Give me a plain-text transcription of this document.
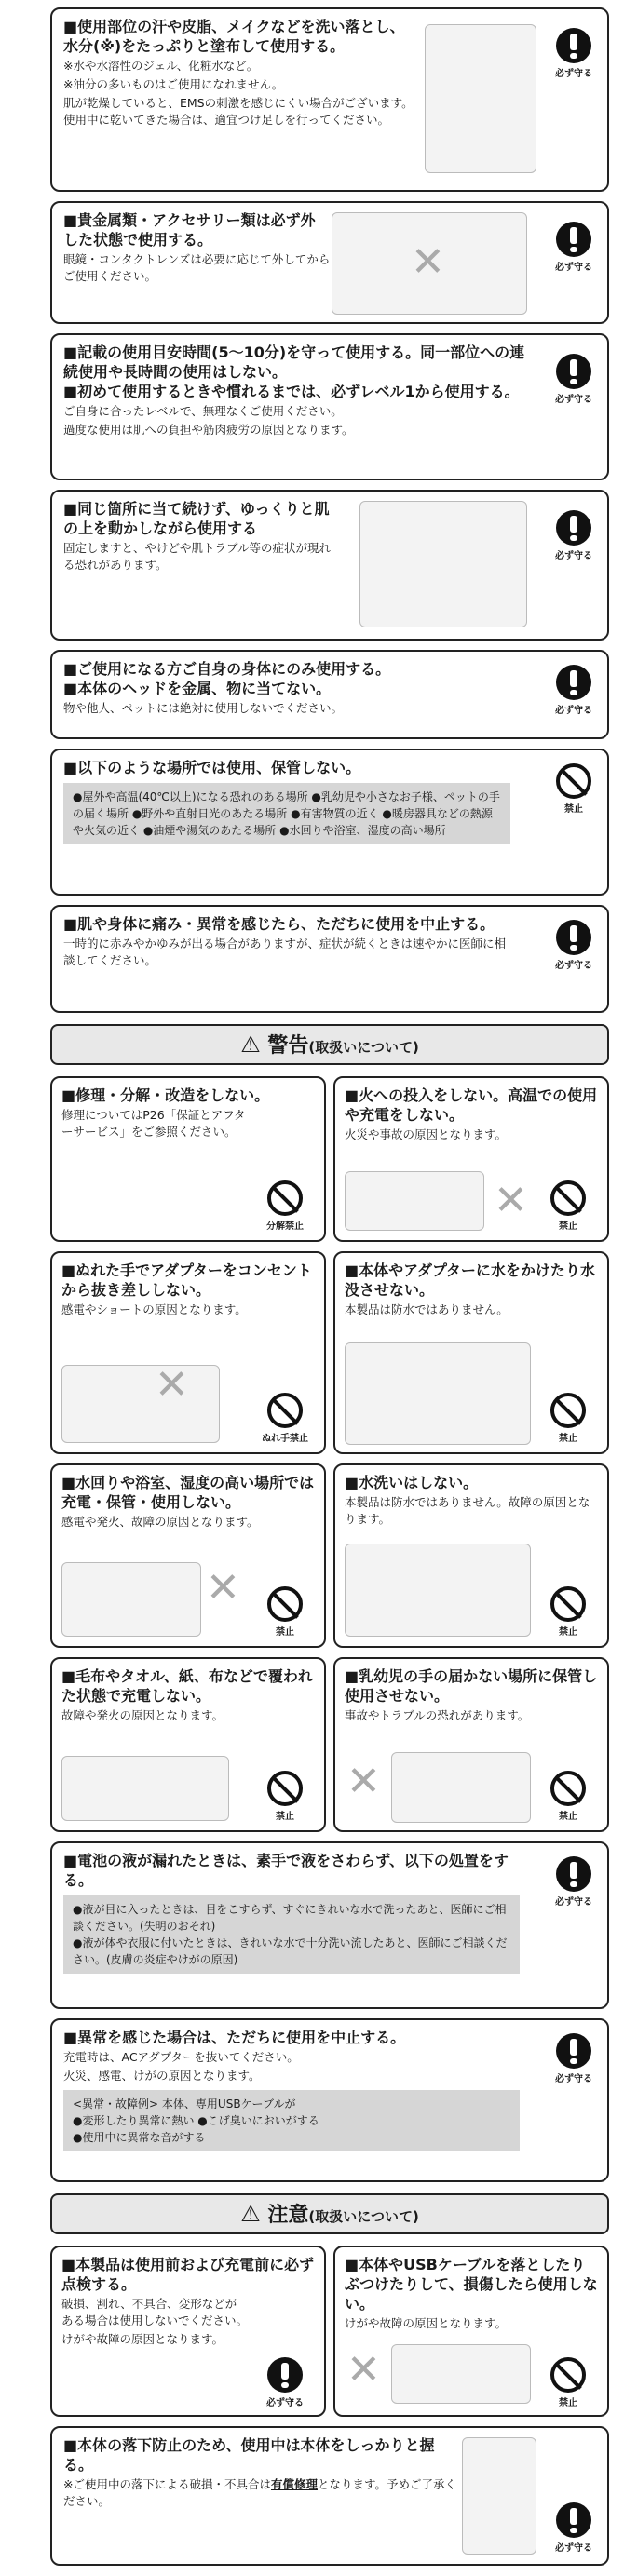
■使用部位の汗や皮脂、メイクなどを洗い落とし、水分(※)をたっぷりと塗布して使用する。
※水や水溶性のジェル、化粧水など。
※油分の多いものはご使用になれません。
肌が乾燥していると、EMSの刺激を感じにくい場合がございます。使用中に乾いてきた場合は、適宜つけ足しを行ってください。
必ず守る
■貴金属類・アクセサリー類は必ず外した状態で使用する。
眼鏡・コンタクトレンズは必要に応じて外してからご使用ください。	✕	必ず守る
■記載の使用目安時間(5〜10分)を守って使用する。同一部位への連続使用や長時間の使用はしない。
■初めて使用するときや慣れるまでは、必ずレベル1から使用する。
ご自身に合ったレベルで、無理なくご使用ください。
過度な使用は肌への負担や筋肉疲労の原因となります。
必ず守る
■同じ箇所に当て続けず、ゆっくりと肌の上を動かしながら使用する
固定しますと、やけどや肌トラブル等の症状が現れる恐れがあります。
必ず守る
■ご使用になる方ご自身の身体にのみ使用する。
■本体のヘッドを金属、物に当てない。
物や他人、ペットには絶対に使用しないでください。	必ず守る
■以下のような場所では使用、保管しない。
●屋外や高温(40℃以上)になる恐れのある場所 ●乳幼児や小さなお子様、ペットの手の届く場所 ●野外や直射日光のあたる場所 ●有害物質の近く ●暖房器具などの熱源や火気の近く ●油煙や湯気のあたる場所 ●水回りや浴室、湿度の高い場所
禁止
■肌や身体に痛み・異常を感じたら、ただちに使用を中止する。
一時的に赤みやかゆみが出る場合がありますが、症状が続くときは速やかに医師に相談してください。	必ず守る
⚠ 警告(取扱いについて)
■修理・分解・改造をしない。
修理についてはP26「保証とアフターサービス」をご参照ください。
分解禁止
■火への投入をしない。高温での使用や充電をしない。
火災や事故の原因となります。
✕
禁止
■ぬれた手でアダプターをコンセントから抜き差ししない。
感電やショートの原因となります。
✕
ぬれ手禁止
■本体やアダプターに水をかけたり水没させない。
本製品は防水ではありません。
禁止
■水回りや浴室、湿度の高い場所では充電・保管・使用しない。
感電や発火、故障の原因となります。
✕
禁止
■水洗いはしない。
本製品は防水ではありません。故障の原因となります。
禁止
■毛布やタオル、紙、布などで覆われた状態で充電しない。
故障や発火の原因となります。
禁止
■乳幼児の手の届かない場所に保管し使用させない。
事故やトラブルの恐れがあります。
✕
禁止
■電池の液が漏れたときは、素手で液をさわらず、以下の処置をする。
●液が目に入ったときは、目をこすらず、すぐにきれいな水で洗ったあと、医師にご相談ください。(失明のおそれ)
●液が体や衣服に付いたときは、きれいな水で十分洗い流したあと、医師にご相談ください。(皮膚の炎症やけがの原因)
必ず守る
■異常を感じた場合は、ただちに使用を中止する。
充電時は、ACアダプターを抜いてください。
火災、感電、けがの原因となります。
<異常・故障例> 本体、専用USBケーブルが
●変形したり異常に熱い ●こげ臭いにおいがする
●使用中に異常な音がする
必ず守る
⚠ 注意(取扱いについて)
■本製品は使用前および充電前に必ず点検する。
破損、割れ、不具合、変形などがある場合は使用しないでください。
けがや故障の原因となります。
必ず守る
■本体やUSBケーブルを落としたりぶつけたりして、損傷したら使用しない。
けがや故障の原因となります。
✕
禁止
■本体の落下防止のため、使用中は本体をしっかりと握る。
※ご使用中の落下による破損・不具合は有償修理となります。予めご了承ください。
必ず守る
